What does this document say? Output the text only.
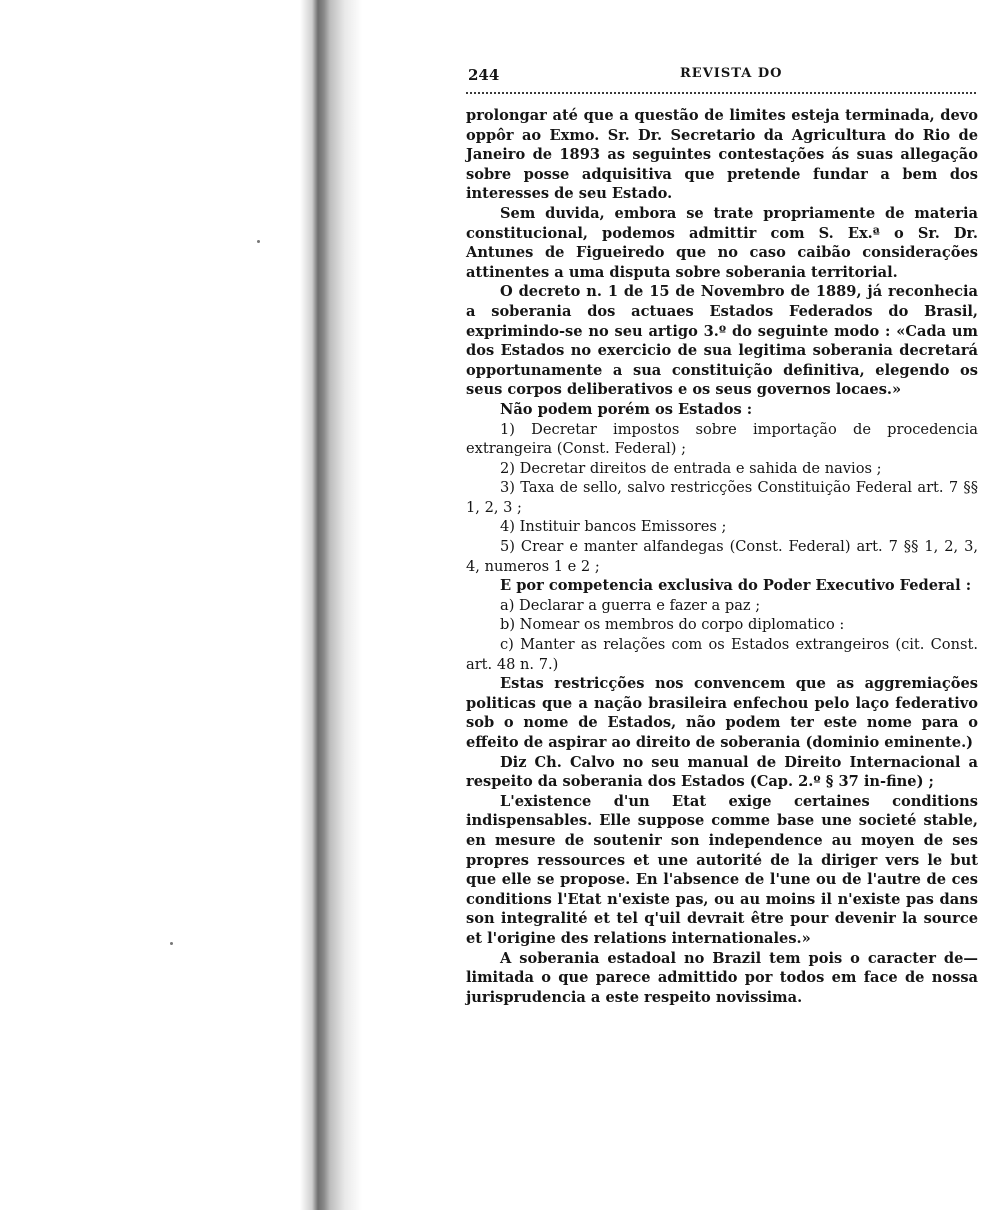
244	REVISTA DO

prolongar até que a questão de limites esteja terminada, devo oppôr ao Exmo. Sr. Dr. Secretario da Agricultura do Rio de Janeiro de 1893 as seguintes contestações ás suas allegação sobre posse adquisitiva que pretende fundar a bem dos interesses de seu Estado.

Sem duvida, embora se trate propriamente de materia constitucional, podemos admittir com S. Ex.ª o Sr. Dr. Antunes de Figueiredo que no caso caibão considerações attinentes a uma disputa sobre soberania territorial.

O decreto n. 1 de 15 de Novembro de 1889, já reconhecia a soberania dos actuaes Estados Federados do Brasil, exprimindo-se no seu artigo 3.º do seguinte modo : «Cada um dos Estados no exercicio de sua legitima soberania decretará opportunamente a sua constituição definitiva, elegendo os seus corpos deliberativos e os seus governos locaes.»

Não podem porém os Estados :

1) Decretar impostos sobre importação de procedencia extrangeira (Const. Federal) ;

2) Decretar direitos de entrada e sahida de navios ;

3) Taxa de sello, salvo restricções Constituição Federal art. 7 §§ 1, 2, 3 ;

4) Instituir bancos Emissores ;

5) Crear e manter alfandegas (Const. Federal) art. 7 §§ 1, 2, 3, 4, numeros 1 e 2 ;

E por competencia exclusiva do Poder Executivo Federal :

a) Declarar a guerra e fazer a paz ;

b) Nomear os membros do corpo diplomatico :

c) Manter as relações com os Estados extrangeiros (cit. Const. art. 48 n. 7.)

Estas restricções nos convencem que as aggremiações politicas que a nação brasileira enfechou pelo laço federativo sob o nome de Estados, não podem ter este nome para o effeito de aspirar ao direito de soberania (dominio eminente.)

Diz Ch. Calvo no seu manual de Direito Internacional a respeito da soberania dos Estados (Cap. 2.º § 37 in-fine) ;

L'existence d'un Etat exige certaines conditions indispensables. Elle suppose comme base une societé stable, en mesure de soutenir son independence au moyen de ses propres ressources et une autorité de la diriger vers le but que elle se propose. En l'absence de l'une ou de l'autre de ces conditions l'Etat n'existe pas, ou au moins il n'existe pas dans son integralité et tel q'uil devrait être pour devenir la source et l'origine des relations internationales.»

A soberania estadoal no Brazil tem pois o caracter de—limitada o que parece admittido por todos em face de nossa jurisprudencia a este respeito novissima.
